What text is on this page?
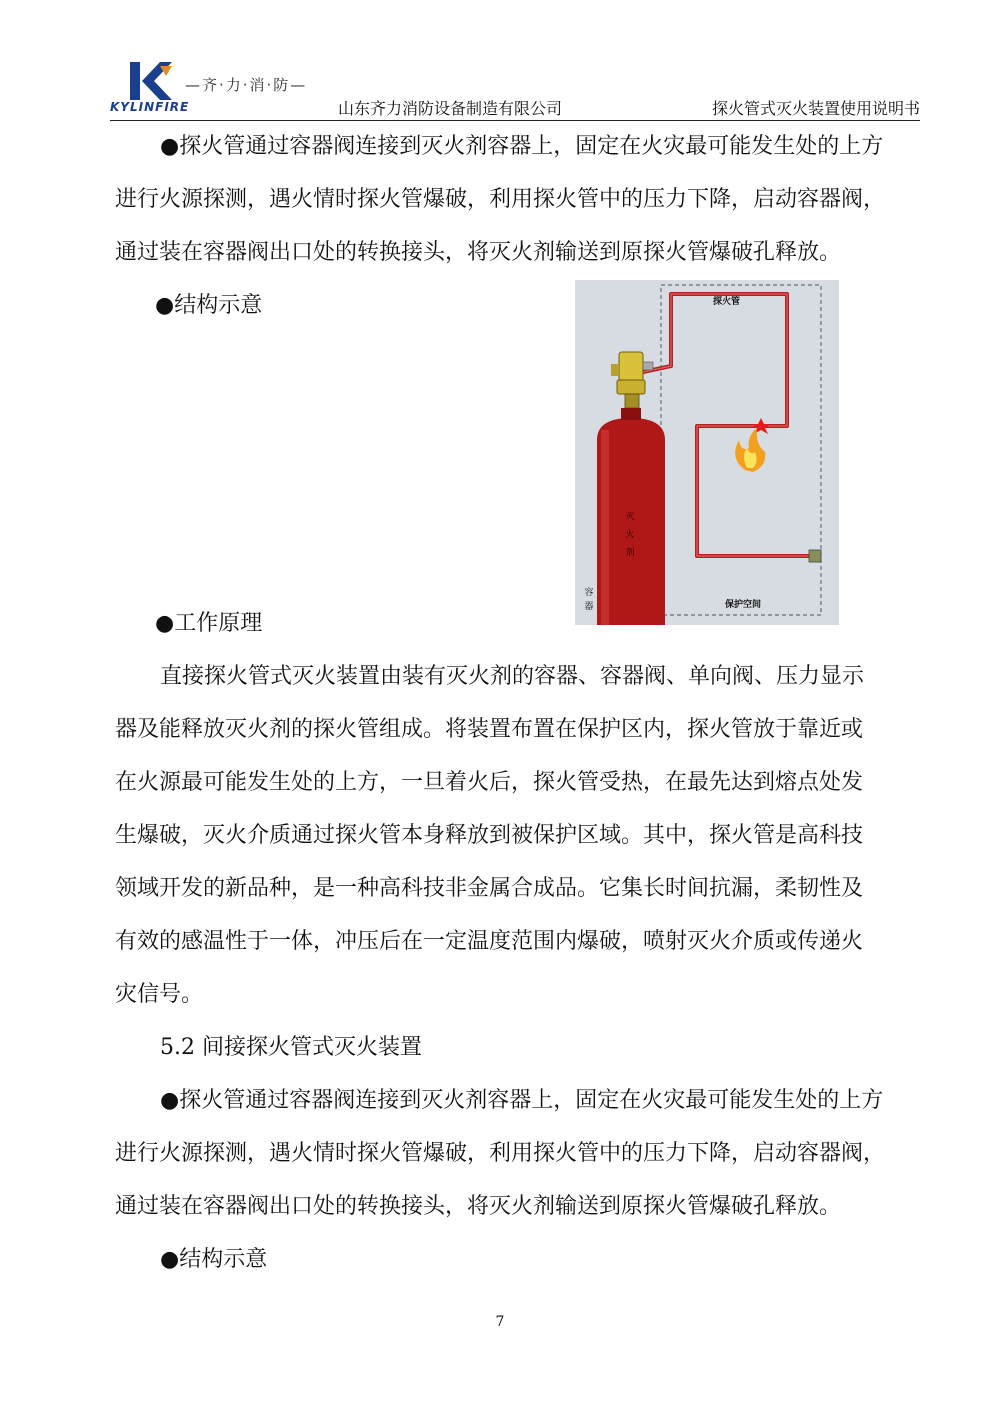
—齐·力·消·防—
KYLINFIRE	山东齐力消防设备制造有限公司	探火管式灭火装置使用说明书
●探火管通过容器阀连接到灭火剂容器上，固定在火灾最可能发生处的上方
进行火源探测，遇火情时探火管爆破，利用探火管中的压力下降，启动容器阀，
通过装在容器阀出口处的转换接头，将灭火剂输送到原探火管爆破孔释放。
●结构示意	探火管
灭
火
剂
容
器	保护空间
●工作原理
直接探火管式灭火装置由装有灭火剂的容器、容器阀、单向阀、压力显示
器及能释放灭火剂的探火管组成。将装置布置在保护区内，探火管放于靠近或
在火源最可能发生处的上方，一旦着火后，探火管受热，在最先达到熔点处发
生爆破，灭火介质通过探火管本身释放到被保护区域。其中，探火管是高科技
领域开发的新品种，是一种高科技非金属合成品。它集长时间抗漏，柔韧性及
有效的感温性于一体，冲压后在一定温度范围内爆破，喷射灭火介质或传递火
灾信号。
5.2 间接探火管式灭火装置
●探火管通过容器阀连接到灭火剂容器上，固定在火灾最可能发生处的上方
进行火源探测，遇火情时探火管爆破，利用探火管中的压力下降，启动容器阀，
通过装在容器阀出口处的转换接头，将灭火剂输送到原探火管爆破孔释放。
●结构示意
7
